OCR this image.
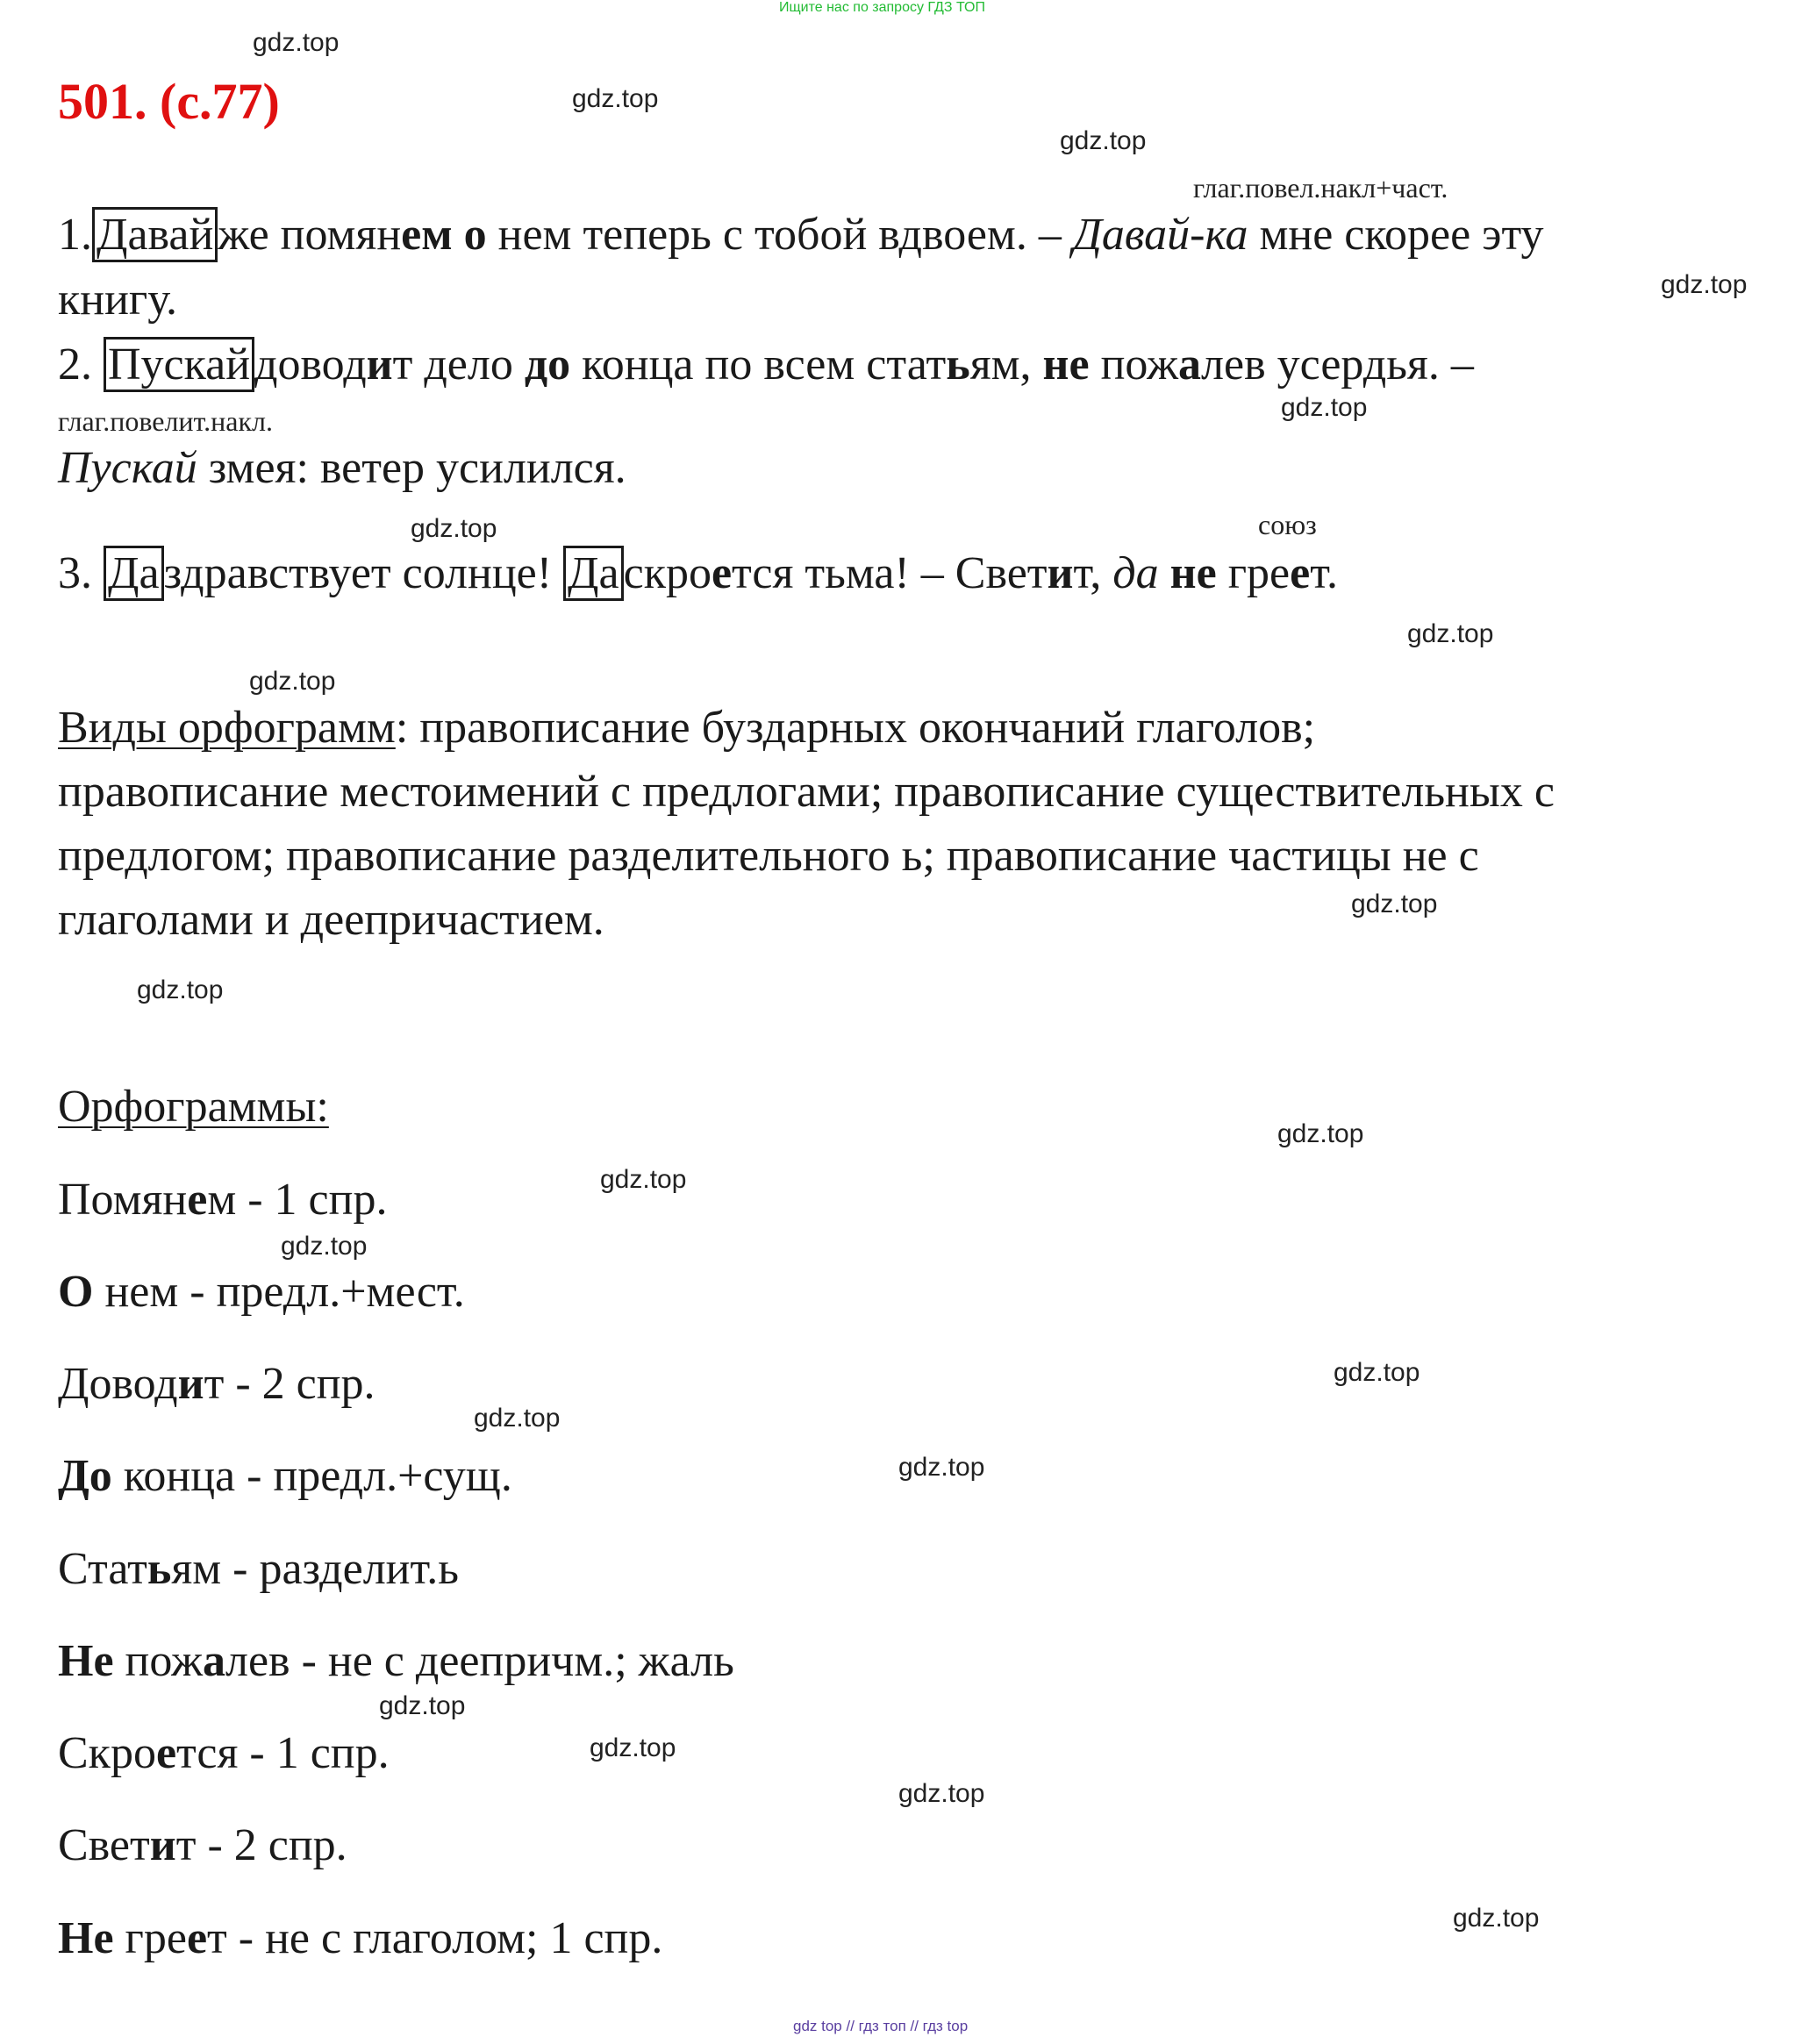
Ищите нас по запросу ГДЗ ТОП
gdz top // гдз топ // гдз top
gdz.top
gdz.top
gdz.top
gdz.top
gdz.top
gdz.top
gdz.top
gdz.top
gdz.top
gdz.top
gdz.top
gdz.top
gdz.top
gdz.top
gdz.top
gdz.top
gdz.top
gdz.top
gdz.top
gdz.top
501. (с.77)
глаг.повел.накл+част.
1.Давайже помянем о нем теперь с тобой вдвоем. – Давай-ка мне скорее эту
книгу.
2. Пускайдоводит дело до конца по всем статьям, не пожалев усердья. –
глаг.повелит.накл.
Пускай змея: ветер усилился.
союз
3. Даздравствует солнце! Даскроется тьма! – Светит, да не греет.
Виды орфограмм: правописание буздарных окончаний глаголов;
правописание местоимений с предлогами; правописание существительных с
предлогом; правописание разделительного ь; правописание частицы не с
глаголами и деепричастием.
Орфограммы:
Помянем - 1 спр.
О нем - предл.+мест.
Доводит - 2 спр.
До конца - предл.+сущ.
Статьям - разделит.ь
Не пожалев - не с деепричм.; жаль
Скроется - 1 спр.
Светит - 2 спр.
Не греет - не с глаголом; 1 спр.
